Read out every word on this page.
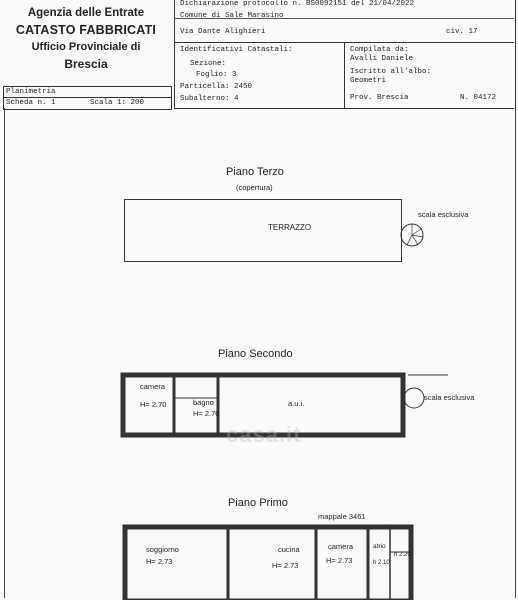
Agenzia delle Entrate
CATASTO FABBRICATI
Ufficio Provinciale di
Brescia
Dichiarazione protocollo n. BS0092151 del 21/04/2022
Comune di Sale Marasino
Via Dante Alighieri	civ. 17
Identificativi Catastali:
Sezione:
Foglio: 3
Particella: 2450
Subalterno: 4
Compilata da:
Avalli Daniele
Iscritto all'albo:
Geometri
Prov. Brescia	N. 04172
Planimetria
Scheda n. 1	Scala 1: 200
Piano Terzo
(copertura)
TERRAZZO
scala esclusiva
Piano Secondo
camera
H= 2.70	bagno
H= 2.70
a.u.i.
scala esclusiva
casa.it
Piano Primo
mappale 3461
soggiorno
H= 2.73
cucina
H= 2.73
camera
H= 2.73
atrio
h 2.10
h 2.20
